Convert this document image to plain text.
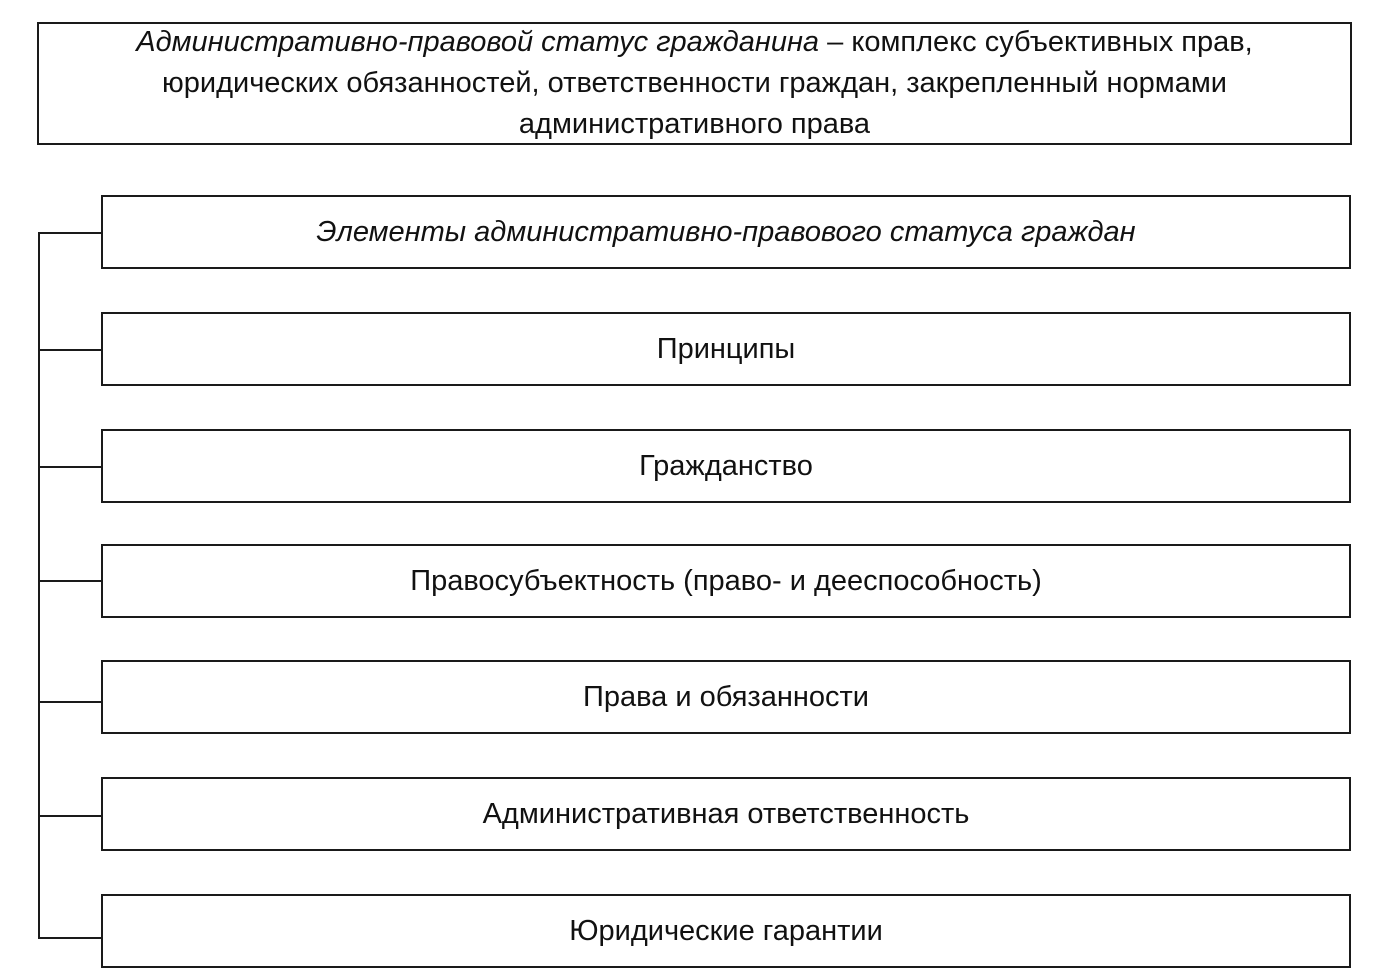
Административно-правовой статус гражданина – комплекс субъективных прав, юридических обязанностей, ответственности граждан, закрепленный нормами административного права
Элементы административно-правового статуса граждан
Принципы
Гражданство
Правосубъектность (право- и дееспособность)
Права и обязанности
Административная ответственность
Юридические гарантии
